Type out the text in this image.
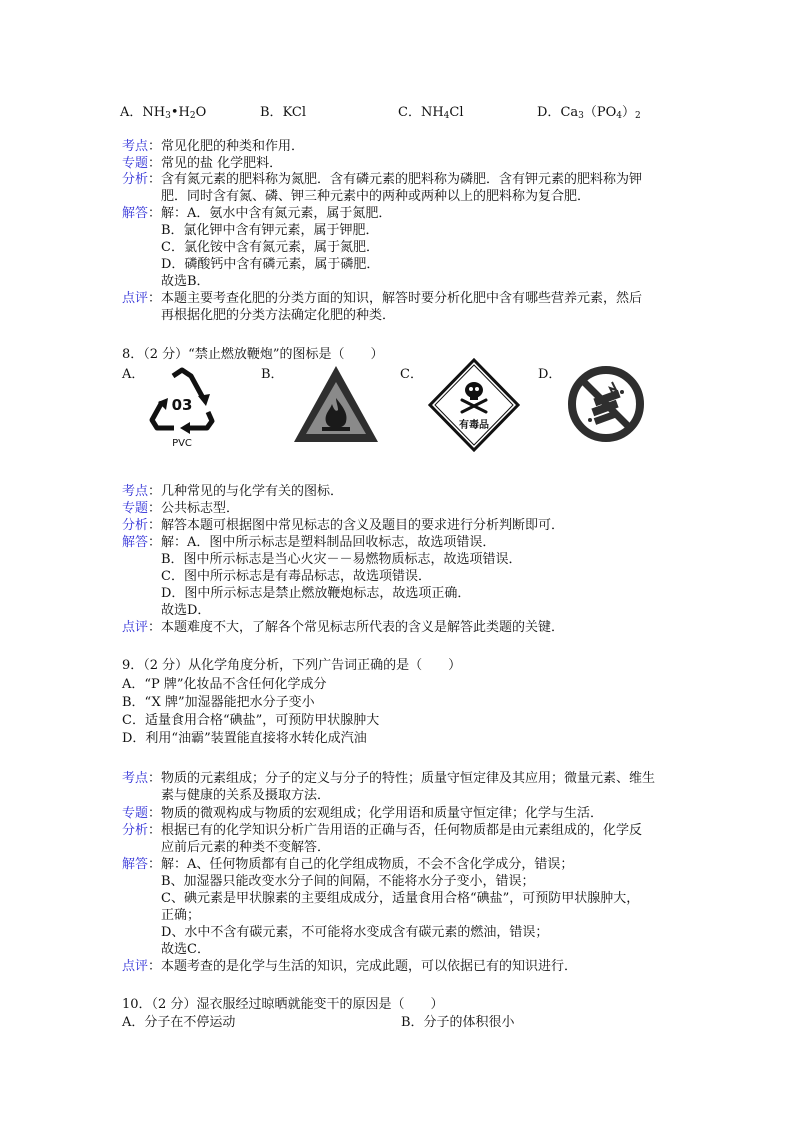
A．$NH_3•H_2O$	B．KCl	C．$NH_4Cl$	D．$Ca_3(PO_4)_2$
考点：常见化肥的种类和作用．
专题：常见的盐 化学肥料．
分析：含有氮元素的肥料称为氮肥．含有磷元素的肥料称为磷肥．含有钾元素的肥料称为钾
肥．同时含有氮、磷、钾三种元素中的两种或两种以上的肥料称为复合肥．
解答：解：A．氨水中含有氮元素，属于氮肥．
B．氯化钾中含有钾元素，属于钾肥．
C．氯化铵中含有氮元素，属于氮肥．
D．磷酸钙中含有磷元素，属于磷肥．
故选B．
点评：本题主要考查化肥的分类方面的知识，解答时要分析化肥中含有哪些营养元素，然后
再根据化肥的分类方法确定化肥的种类．
8．（2 分）“禁止燃放鞭炮”的图标是（　　）
A．	B．	C．	D．
03
PVC
有毒品
考点：几种常见的与化学有关的图标．
专题：公共标志型．
分析：解答本题可根据图中常见标志的含义及题目的要求进行分析判断即可．
解答：解：A．图中所示标志是塑料制品回收标志，故选项错误．
B．图中所示标志是当心火灾－－易燃物质标志，故选项错误．
C．图中所示标志是有毒品标志，故选项错误．
D．图中所示标志是禁止燃放鞭炮标志，故选项正确．
故选D．
点评：本题难度不大，了解各个常见标志所代表的含义是解答此类题的关键．
9．（2 分）从化学角度分析，下列广告词正确的是（　　）
A．“P 牌”化妆品不含任何化学成分
B．“X 牌”加湿器能把水分子变小
C．适量食用合格“碘盐”，可预防甲状腺肿大
D．利用“油霸”装置能直接将水转化成汽油
考点：物质的元素组成；分子的定义与分子的特性；质量守恒定律及其应用；微量元素、维生
素与健康的关系及摄取方法．
专题：物质的微观构成与物质的宏观组成；化学用语和质量守恒定律；化学与生活．
分析：根据已有的化学知识分析广告用语的正确与否，任何物质都是由元素组成的，化学反
应前后元素的种类不变解答．
解答：解：A、任何物质都有自己的化学组成物质，不会不含化学成分，错误；
B、加湿器只能改变水分子间的间隔，不能将水分子变小，错误；
C、碘元素是甲状腺素的主要组成成分，适量食用合格“碘盐”，可预防甲状腺肿大，
正确；
D、水中不含有碳元素，不可能将水变成含有碳元素的燃油，错误；
故选C．
点评：本题考查的是化学与生活的知识，完成此题，可以依据已有的知识进行．
10．（2 分）湿衣服经过晾晒就能变干的原因是（　　）
A．分子在不停运动	B．分子的体积很小
